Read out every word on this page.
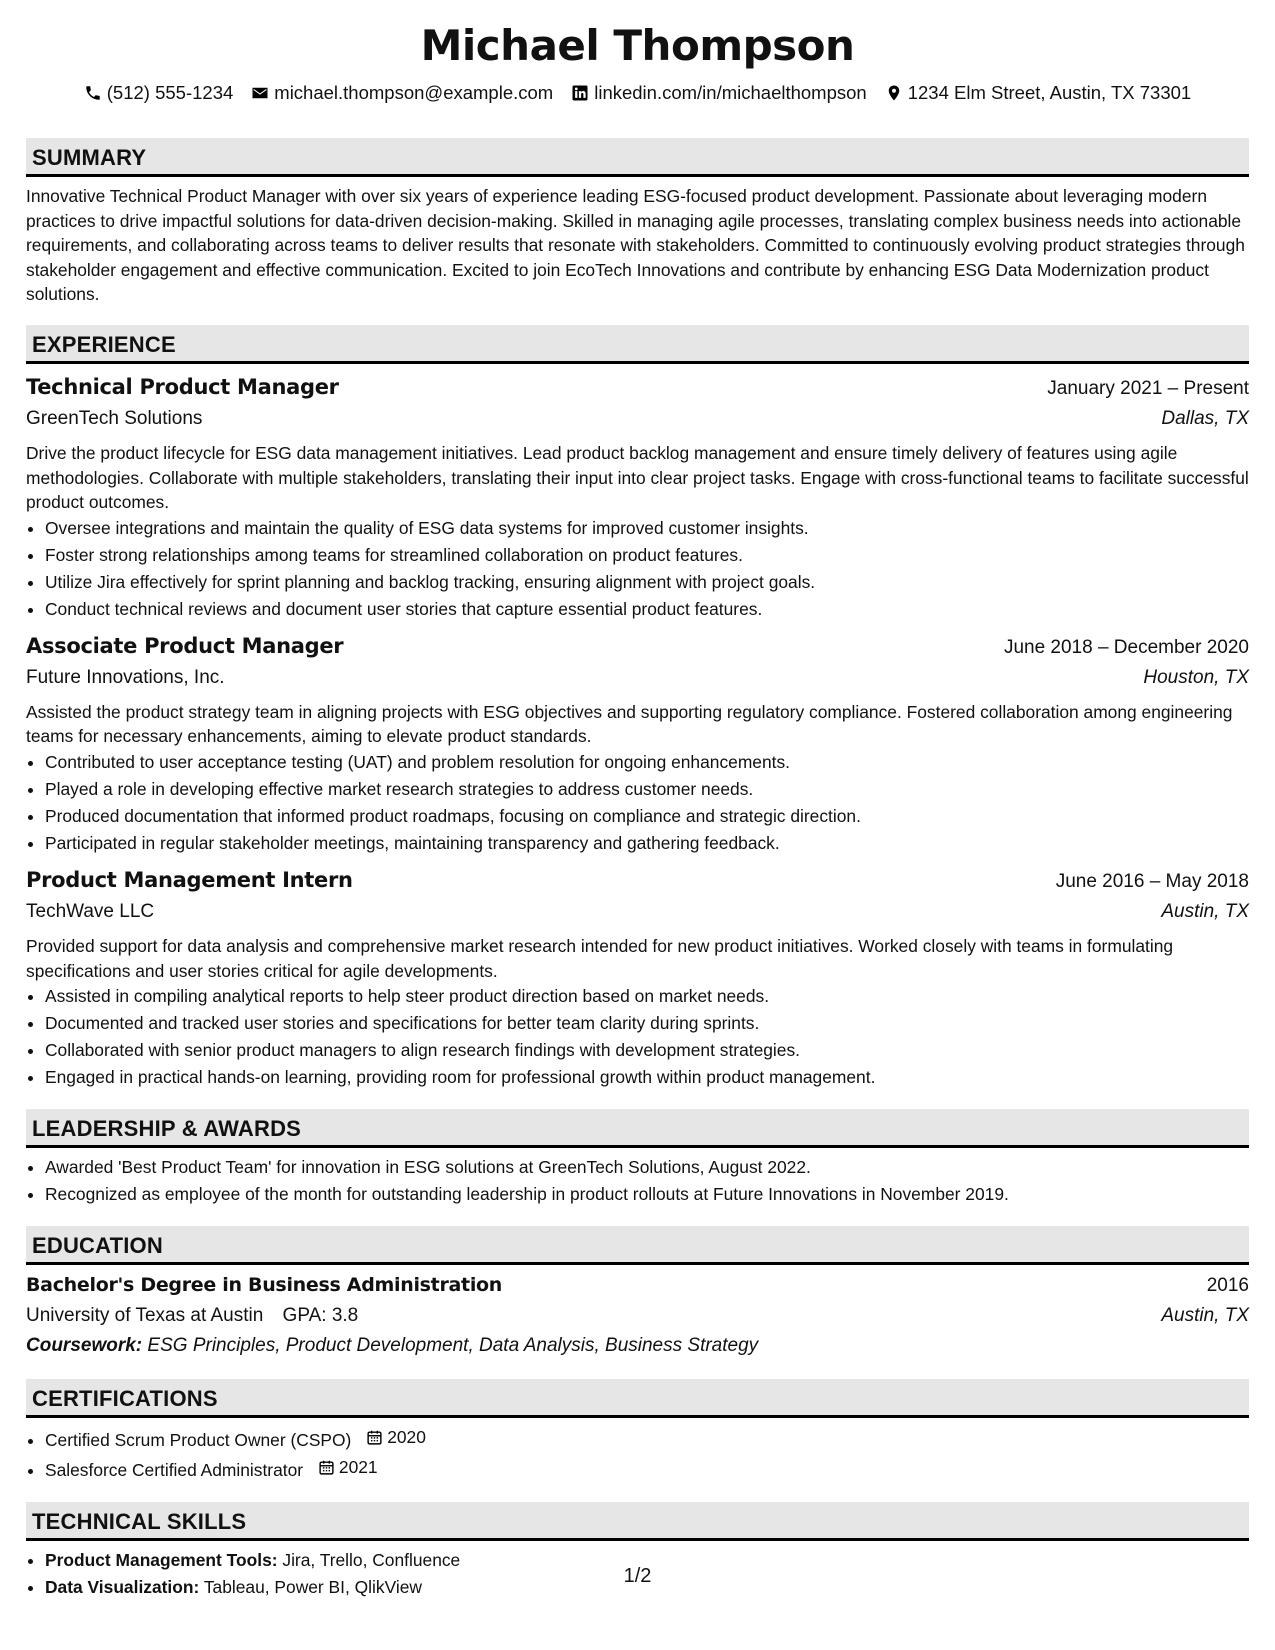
Michael Thompson
(512) 555-1234 michael.thompson@example.com linkedin.com/in/michaelthompson 1234 Elm Street, Austin, TX 73301
SUMMARY

Innovative Technical Product Manager with over six years of experience leading ESG-focused product development. Passionate about leveraging modern practices to drive impactful solutions for data-driven decision-making. Skilled in managing agile processes, translating complex business needs into actionable requirements, and collaborating across teams to deliver results that resonate with stakeholders. Committed to continuously evolving product strategies through stakeholder engagement and effective communication. Excited to join EcoTech Innovations and contribute by enhancing ESG Data Modernization product solutions.

EXPERIENCE
Technical Product Manager	January 2021 – Present
GreenTech Solutions	Dallas, TX

Drive the product lifecycle for ESG data management initiatives. Lead product backlog management and ensure timely delivery of features using agile methodologies. Collaborate with multiple stakeholders, translating their input into clear project tasks. Engage with cross-functional teams to facilitate successful product outcomes.

• Oversee integrations and maintain the quality of ESG data systems for improved customer insights.
• Foster strong relationships among teams for streamlined collaboration on product features.
• Utilize Jira effectively for sprint planning and backlog tracking, ensuring alignment with project goals.
• Conduct technical reviews and document user stories that capture essential product features.
Associate Product Manager	June 2018 – December 2020
Future Innovations, Inc.	Houston, TX

Assisted the product strategy team in aligning projects with ESG objectives and supporting regulatory compliance. Fostered collaboration among engineering teams for necessary enhancements, aiming to elevate product standards.

• Contributed to user acceptance testing (UAT) and problem resolution for ongoing enhancements.
• Played a role in developing effective market research strategies to address customer needs.
• Produced documentation that informed product roadmaps, focusing on compliance and strategic direction.
• Participated in regular stakeholder meetings, maintaining transparency and gathering feedback.
Product Management Intern	June 2016 – May 2018
TechWave LLC	Austin, TX

Provided support for data analysis and comprehensive market research intended for new product initiatives. Worked closely with teams in formulating specifications and user stories critical for agile developments.

• Assisted in compiling analytical reports to help steer product direction based on market needs.
• Documented and tracked user stories and specifications for better team clarity during sprints.
• Collaborated with senior product managers to align research findings with development strategies.
• Engaged in practical hands-on learning, providing room for professional growth within product management.
LEADERSHIP & AWARDS
• Awarded 'Best Product Team' for innovation in ESG solutions at GreenTech Solutions, August 2022.
• Recognized as employee of the month for outstanding leadership in product rollouts at Future Innovations in November 2019.
EDUCATION
Bachelor's Degree in Business Administration	2016
University of Texas at Austin GPA: 3.8	Austin, TX
Coursework: ESG Principles, Product Development, Data Analysis, Business Strategy
CERTIFICATIONS
• Certified Scrum Product Owner (CSPO) 2020
• Salesforce Certified Administrator 2021
TECHNICAL SKILLS
• Product Management Tools: Jira, Trello, Confluence
• Data Visualization: Tableau, Power BI, QlikView
1/2
